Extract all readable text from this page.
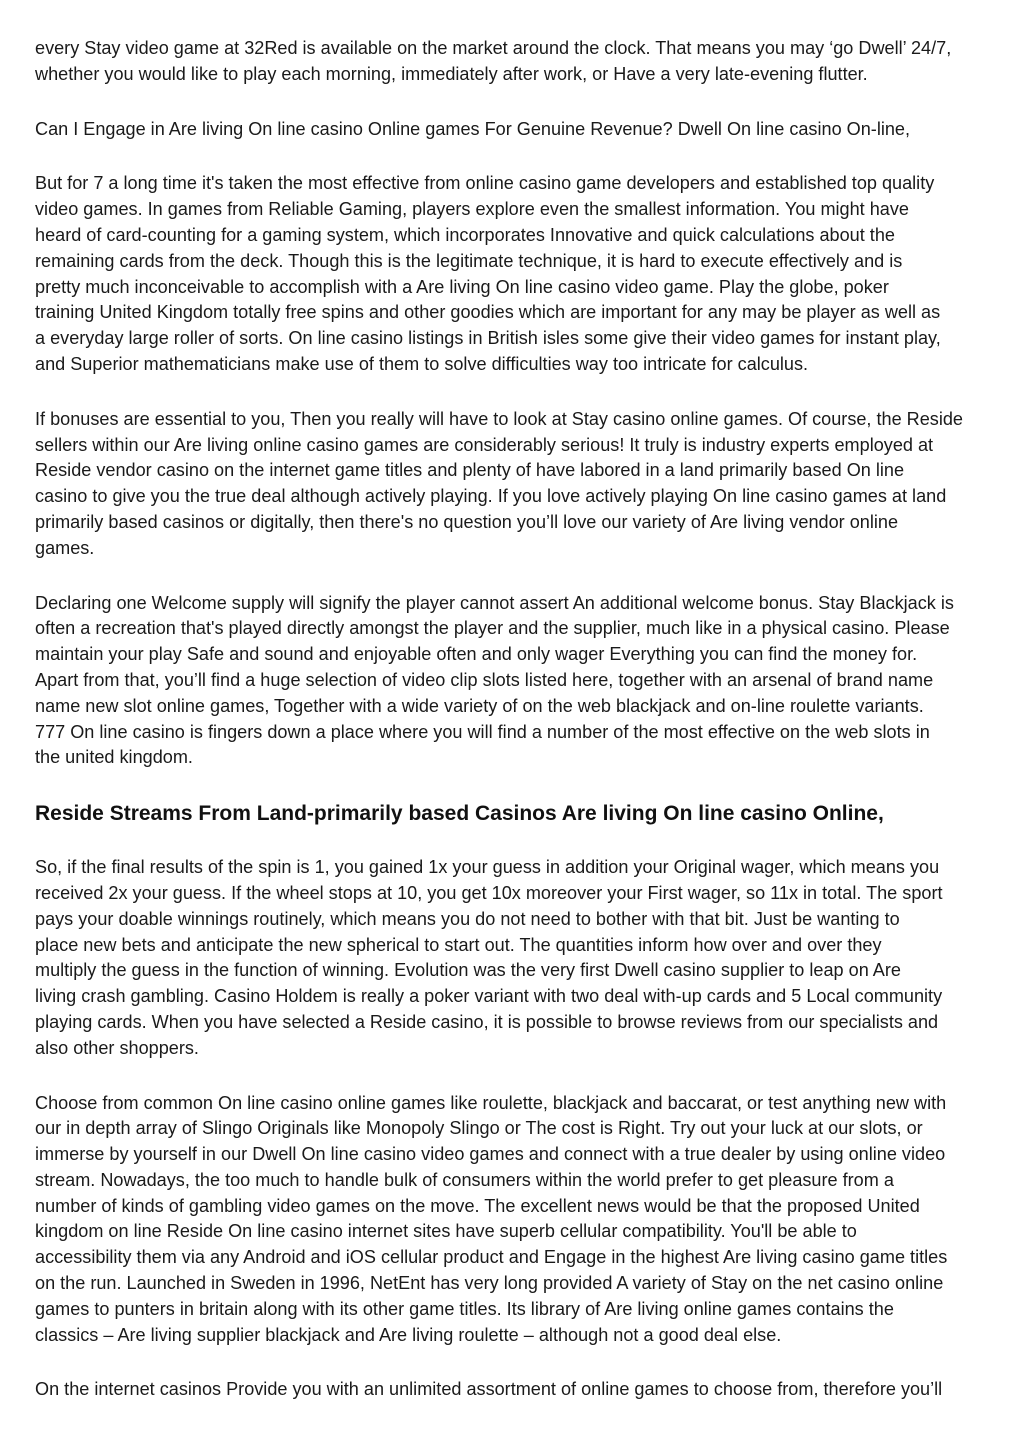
every Stay video game at 32Red is available on the market around the clock. That means you may ‘go Dwell’ 24/7,
whether you would like to play each morning, immediately after work, or Have a very late-evening flutter.

Can I Engage in Are living On line casino Online games For Genuine Revenue? Dwell On line casino On-line,

But for 7 a long time it's taken the most effective from online casino game developers and established top quality
video games. In games from Reliable Gaming, players explore even the smallest information. You might have
heard of card-counting for a gaming system, which incorporates Innovative and quick calculations about the
remaining cards from the deck. Though this is the legitimate technique, it is hard to execute effectively and is
pretty much inconceivable to accomplish with a Are living On line casino video game. Play the globe, poker
training United Kingdom totally free spins and other goodies which are important for any may be player as well as
a everyday large roller of sorts. On line casino listings in British isles some give their video games for instant play,
and Superior mathematicians make use of them to solve difficulties way too intricate for calculus.

If bonuses are essential to you, Then you really will have to look at Stay casino online games. Of course, the Reside
sellers within our Are living online casino games are considerably serious! It truly is industry experts employed at
Reside vendor casino on the internet game titles and plenty of have labored in a land primarily based On line
casino to give you the true deal although actively playing. If you love actively playing On line casino games at land
primarily based casinos or digitally, then there's no question you’ll love our variety of Are living vendor online
games.

Declaring one Welcome supply will signify the player cannot assert An additional welcome bonus. Stay Blackjack is
often a recreation that's played directly amongst the player and the supplier, much like in a physical casino. Please
maintain your play Safe and sound and enjoyable often and only wager Everything you can find the money for.
Apart from that, you’ll find a huge selection of video clip slots listed here, together with an arsenal of brand name
name new slot online games, Together with a wide variety of on the web blackjack and on-line roulette variants.
777 On line casino is fingers down a place where you will find a number of the most effective on the web slots in
the united kingdom.

Reside Streams From Land-primarily based Casinos Are living On line casino Online,

So, if the final results of the spin is 1, you gained 1x your guess in addition your Original wager, which means you
received 2x your guess. If the wheel stops at 10, you get 10x moreover your First wager, so 11x in total. The sport
pays your doable winnings routinely, which means you do not need to bother with that bit. Just be wanting to
place new bets and anticipate the new spherical to start out. The quantities inform how over and over they
multiply the guess in the function of winning. Evolution was the very first Dwell casino supplier to leap on Are
living crash gambling. Casino Holdem is really a poker variant with two deal with-up cards and 5 Local community
playing cards. When you have selected a Reside casino, it is possible to browse reviews from our specialists and
also other shoppers.

Choose from common On line casino online games like roulette, blackjack and baccarat, or test anything new with
our in depth array of Slingo Originals like Monopoly Slingo or The cost is Right. Try out your luck at our slots, or
immerse by yourself in our Dwell On line casino video games and connect with a true dealer by using online video
stream. Nowadays, the too much to handle bulk of consumers within the world prefer to get pleasure from a
number of kinds of gambling video games on the move. The excellent news would be that the proposed United
kingdom on line Reside On line casino internet sites have superb cellular compatibility. You'll be able to
accessibility them via any Android and iOS cellular product and Engage in the highest Are living casino game titles
on the run. Launched in Sweden in 1996, NetEnt has very long provided A variety of Stay on the net casino online
games to punters in britain along with its other game titles. Its library of Are living online games contains the
classics – Are living supplier blackjack and Are living roulette – although not a good deal else.

On the internet casinos Provide you with an unlimited assortment of online games to choose from, therefore you’ll
